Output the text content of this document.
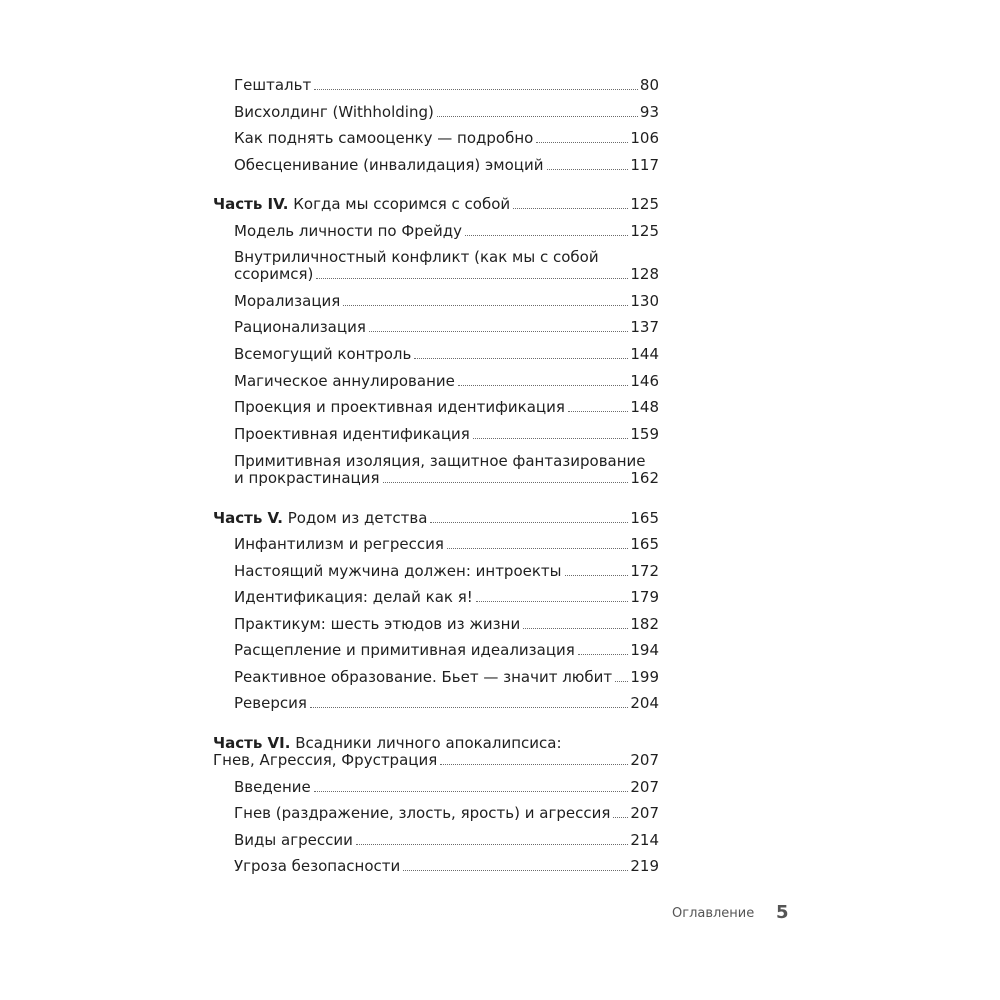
Гештальт	80
Висхолдинг (Withholding)	93
Как поднять самооценку — подробно	106
Обесценивание (инвалидация) эмоций	117
Часть IV. Когда мы ссоримся с собой	125
Модель личности по Фрейду	125
Внутриличностный конфликт (как мы с собой
ссоримся)	128
Морализация	130
Рационализация	137
Всемогущий контроль	144
Магическое аннулирование	146
Проекция и проективная идентификация	148
Проективная идентификация	159
Примитивная изоляция, защитное фантазирование
и прокрастинация	162
Часть V. Родом из детства	165
Инфантилизм и регрессия	165
Настоящий мужчина должен: интроекты	172
Идентификация: делай как я!	179
Практикум: шесть этюдов из жизни	182
Расщепление и примитивная идеализация	194
Реактивное образование. Бьет — значит любит 199
Реверсия	204
Часть VI. Всадники личного апокалипсиса:
Гнев, Агрессия, Фрустрация	207
Введение	207
Гнев (раздражение, злость, ярость) и агрессия 207
Виды агрессии	214
Угроза безопасности	219
Оглавление 5
